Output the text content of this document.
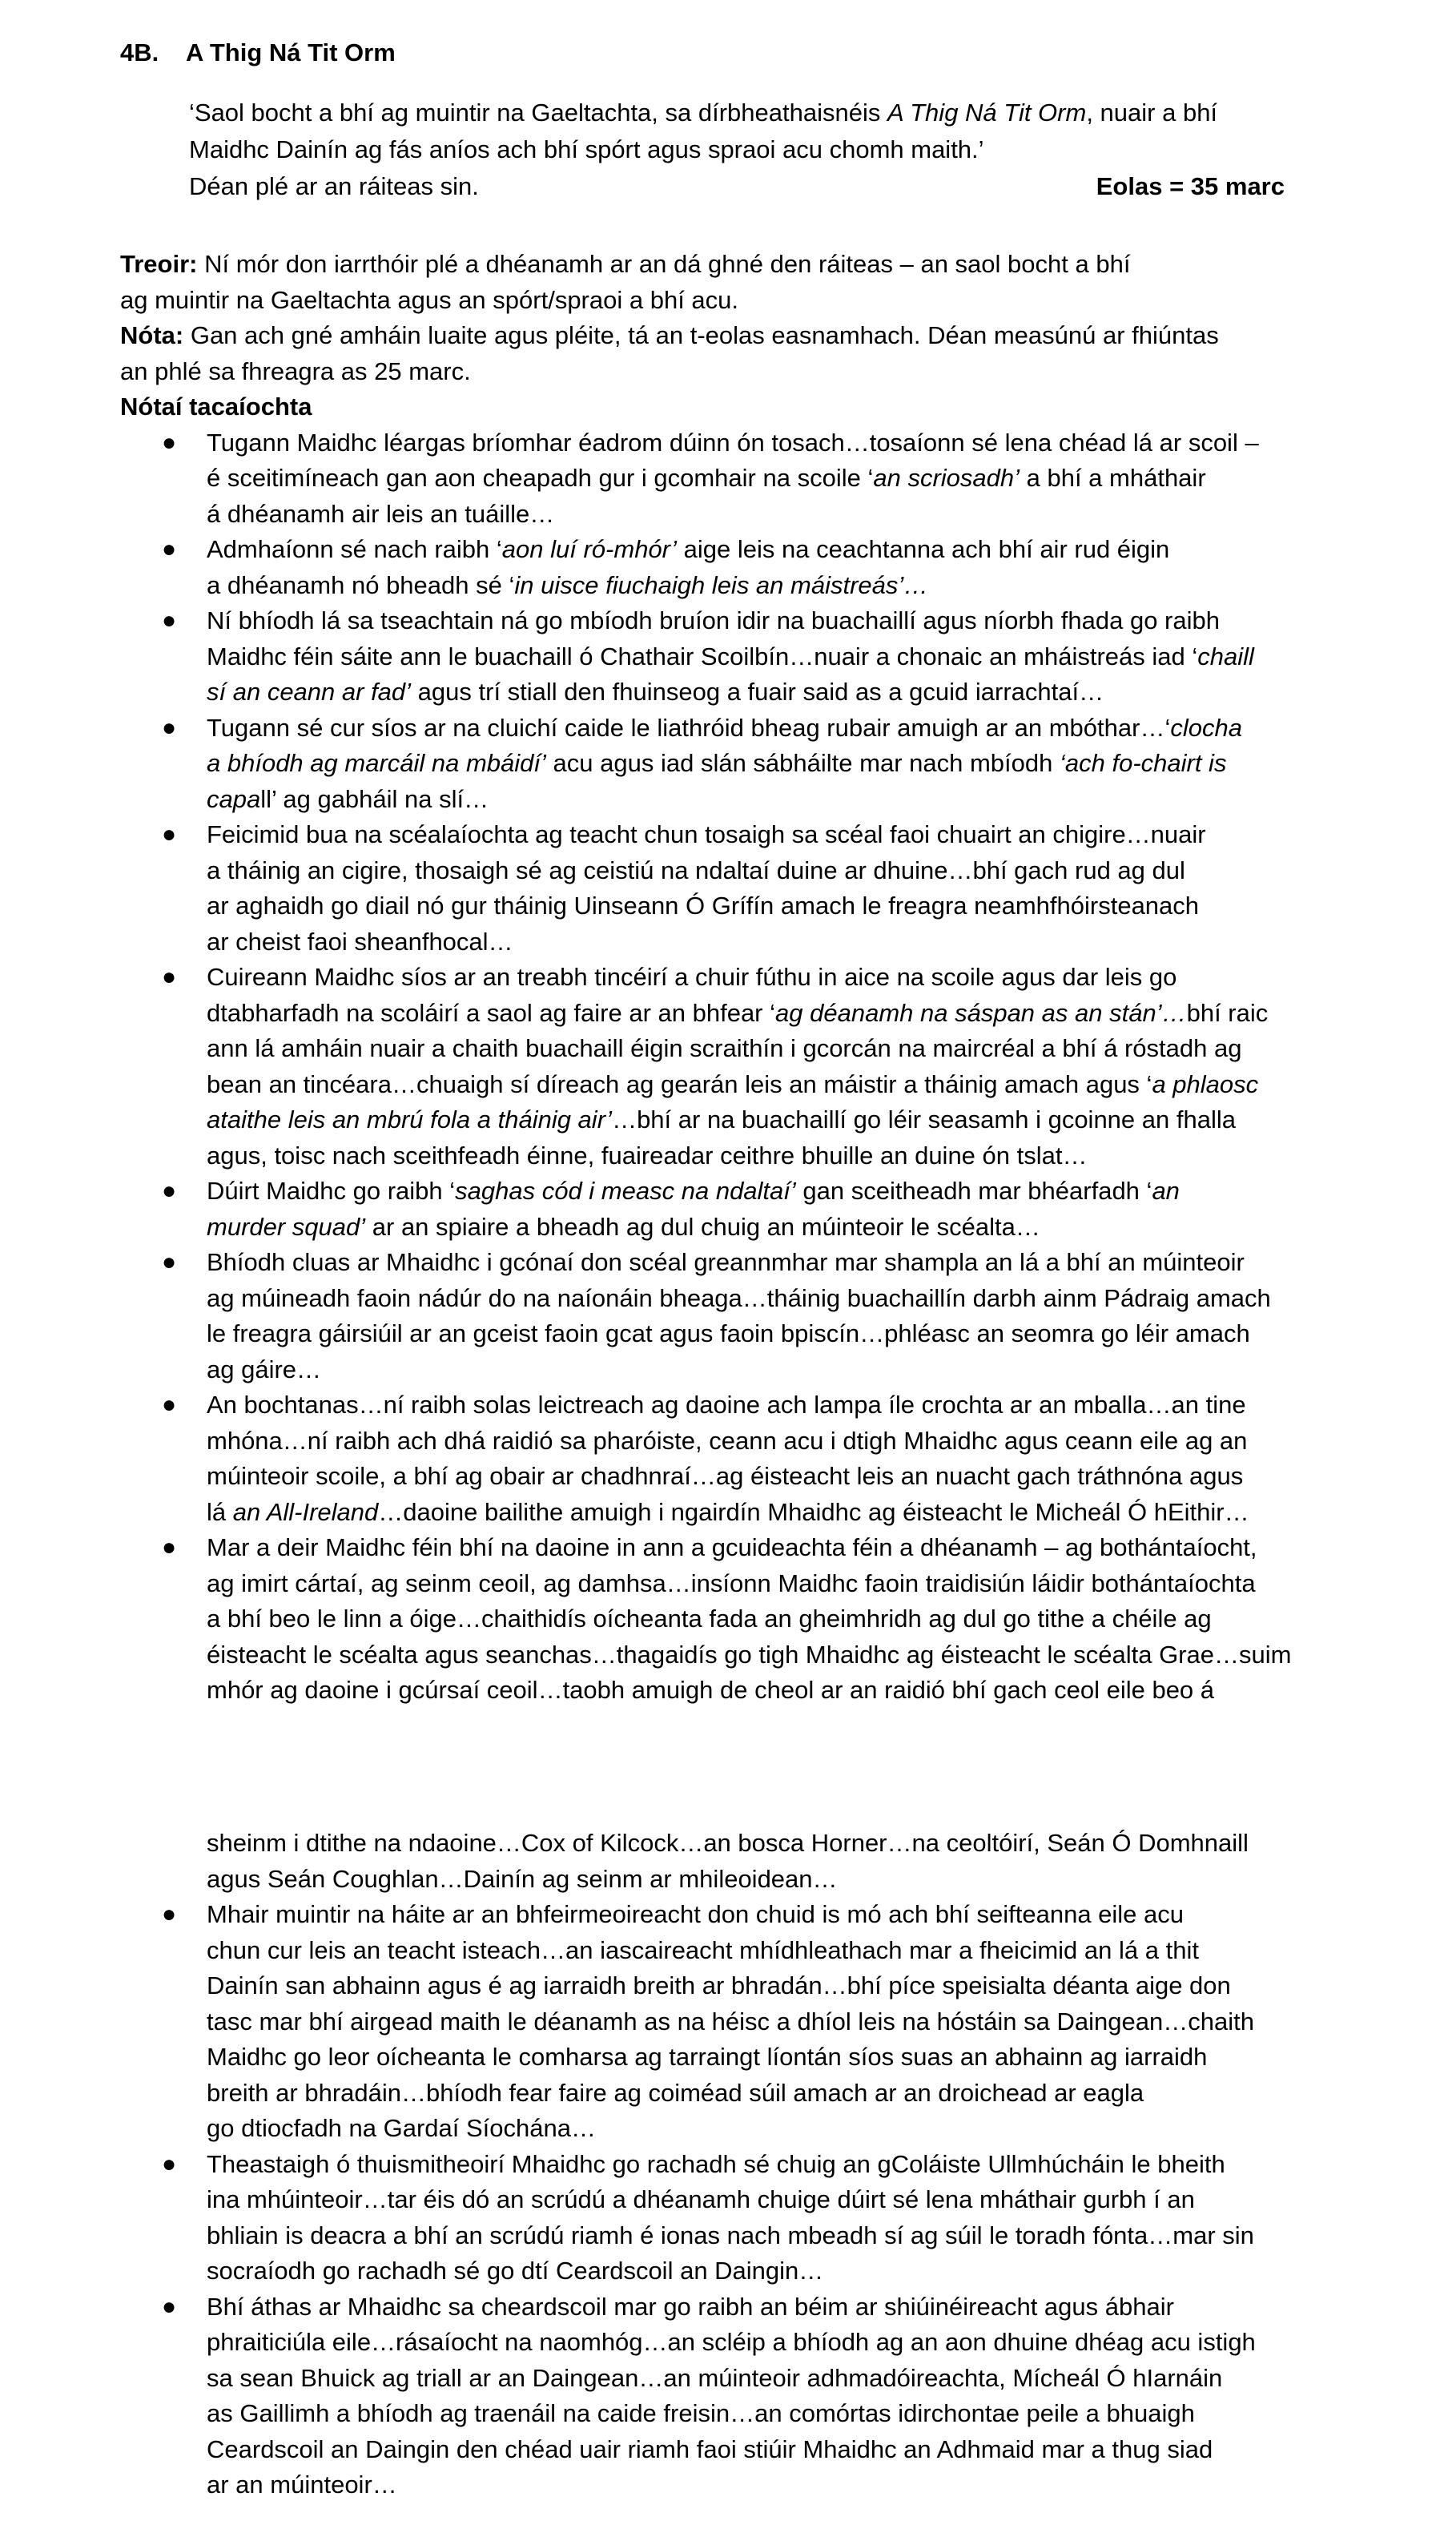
4B. A Thig Ná Tit Orm
‘Saol bocht a bhí ag muintir na Gaeltachta, sa dírbheathaisnéis A Thig Ná Tit Orm, nuair a bhí
Maidhc Dainín ag fás aníos ach bhí spórt agus spraoi acu chomh maith.’
Déan plé ar an ráiteas sin.	Eolas = 35 marc

Treoir: Ní mór don iarrthóir plé a dhéanamh ar an dá ghné den ráiteas – an saol bocht a bhí

ag muintir na Gaeltachta agus an spórt/spraoi a bhí acu.

Nóta: Gan ach gné amháin luaite agus pléite, tá an t-eolas easnamhach. Déan measúnú ar fhiúntas

an phlé sa fhreagra as 25 marc.

Nótaí tacaíochta

● Tugann Maidhc léargas bríomhar éadrom dúinn ón tosach…tosaíonn sé lena chéad lá ar scoil –
é sceitimíneach gan aon cheapadh gur i gcomhair na scoile ‘an scriosadh’ a bhí a mháthair
á dhéanamh air leis an tuáille…
● Admhaíonn sé nach raibh ‘aon luí ró-mhór’ aige leis na ceachtanna ach bhí air rud éigin
a dhéanamh nó bheadh sé ‘in uisce fiuchaigh leis an máistreás’…
● Ní bhíodh lá sa tseachtain ná go mbíodh bruíon idir na buachaillí agus níorbh fhada go raibh
Maidhc féin sáite ann le buachaill ó Chathair Scoilbín…nuair a chonaic an mháistreás iad ‘chaill
sí an ceann ar fad’ agus trí stiall den fhuinseog a fuair said as a gcuid iarrachtaí…
● Tugann sé cur síos ar na cluichí caide le liathróid bheag rubair amuigh ar an mbóthar…‘clocha
a bhíodh ag marcáil na mbáidí’ acu agus iad slán sábháilte mar nach mbíodh ‘ach fo-chairt is
capall’ ag gabháil na slí…
● Feicimid bua na scéalaíochta ag teacht chun tosaigh sa scéal faoi chuairt an chigire…nuair
a tháinig an cigire, thosaigh sé ag ceistiú na ndaltaí duine ar dhuine…bhí gach rud ag dul
ar aghaidh go diail nó gur tháinig Uinseann Ó Grífín amach le freagra neamhfhóirsteanach
ar cheist faoi sheanfhocal…
● Cuireann Maidhc síos ar an treabh tincéirí a chuir fúthu in aice na scoile agus dar leis go
dtabharfadh na scoláirí a saol ag faire ar an bhfear ‘ag déanamh na sáspan as an stán’…bhí raic
ann lá amháin nuair a chaith buachaill éigin scraithín i gcorcán na maircréal a bhí á róstadh ag
bean an tincéara…chuaigh sí díreach ag gearán leis an máistir a tháinig amach agus ‘a phlaosc
ataithe leis an mbrú fola a tháinig air’…bhí ar na buachaillí go léir seasamh i gcoinne an fhalla
agus, toisc nach sceithfeadh éinne, fuaireadar ceithre bhuille an duine ón tslat…
● Dúirt Maidhc go raibh ‘saghas cód i measc na ndaltaí’ gan sceitheadh mar bhéarfadh ‘an
murder squad’ ar an spiaire a bheadh ag dul chuig an múinteoir le scéalta…
● Bhíodh cluas ar Mhaidhc i gcónaí don scéal greannmhar mar shampla an lá a bhí an múinteoir
ag múineadh faoin nádúr do na naíonáin bheaga…tháinig buachaillín darbh ainm Pádraig amach
le freagra gáirsiúil ar an gceist faoin gcat agus faoin bpiscín…phléasc an seomra go léir amach
ag gáire…
● An bochtanas…ní raibh solas leictreach ag daoine ach lampa íle crochta ar an mballa…an tine
mhóna…ní raibh ach dhá raidió sa pharóiste, ceann acu i dtigh Mhaidhc agus ceann eile ag an
múinteoir scoile, a bhí ag obair ar chadhnraí…ag éisteacht leis an nuacht gach tráthnóna agus
lá an All-Ireland…daoine bailithe amuigh i ngairdín Mhaidhc ag éisteacht le Micheál Ó hEithir…
● Mar a deir Maidhc féin bhí na daoine in ann a gcuideachta féin a dhéanamh – ag bothántaíocht,
ag imirt cártaí, ag seinm ceoil, ag damhsa…insíonn Maidhc faoin traidisiún láidir bothántaíochta
a bhí beo le linn a óige…chaithidís oícheanta fada an gheimhridh ag dul go tithe a chéile ag
éisteacht le scéalta agus seanchas…thagaidís go tigh Mhaidhc ag éisteacht le scéalta Grae…suim
mhór ag daoine i gcúrsaí ceoil…taobh amuigh de cheol ar an raidió bhí gach ceol eile beo á
sheinm i dtithe na ndaoine…Cox of Kilcock…an bosca Horner…na ceoltóirí, Seán Ó Domhnaill
agus Seán Coughlan…Dainín ag seinm ar mhileoidean…
● Mhair muintir na háite ar an bhfeirmeoireacht don chuid is mó ach bhí seifteanna eile acu
chun cur leis an teacht isteach…an iascaireacht mhídhleathach mar a fheicimid an lá a thit
Dainín san abhainn agus é ag iarraidh breith ar bhradán…bhí píce speisialta déanta aige don
tasc mar bhí airgead maith le déanamh as na héisc a dhíol leis na hóstáin sa Daingean…chaith
Maidhc go leor oícheanta le comharsa ag tarraingt líontán síos suas an abhainn ag iarraidh
breith ar bhradáin…bhíodh fear faire ag coiméad súil amach ar an droichead ar eagla
go dtiocfadh na Gardaí Síochána…
● Theastaigh ó thuismitheoirí Mhaidhc go rachadh sé chuig an gColáiste Ullmhúcháin le bheith
ina mhúinteoir…tar éis dó an scrúdú a dhéanamh chuige dúirt sé lena mháthair gurbh í an
bhliain is deacra a bhí an scrúdú riamh é ionas nach mbeadh sí ag súil le toradh fónta…mar sin
socraíodh go rachadh sé go dtí Ceardscoil an Daingin…
● Bhí áthas ar Mhaidhc sa cheardscoil mar go raibh an béim ar shiúinéireacht agus ábhair
phraiticiúla eile…rásaíocht na naomhóg…an scléip a bhíodh ag an aon dhuine dhéag acu istigh
sa sean Bhuick ag triall ar an Daingean…an múinteoir adhmadóireachta, Mícheál Ó hIarnáin
as Gaillimh a bhíodh ag traenáil na caide freisin…an comórtas idirchontae peile a bhuaigh
Ceardscoil an Daingin den chéad uair riamh faoi stiúir Mhaidhc an Adhmaid mar a thug siad
ar an múinteoir…
